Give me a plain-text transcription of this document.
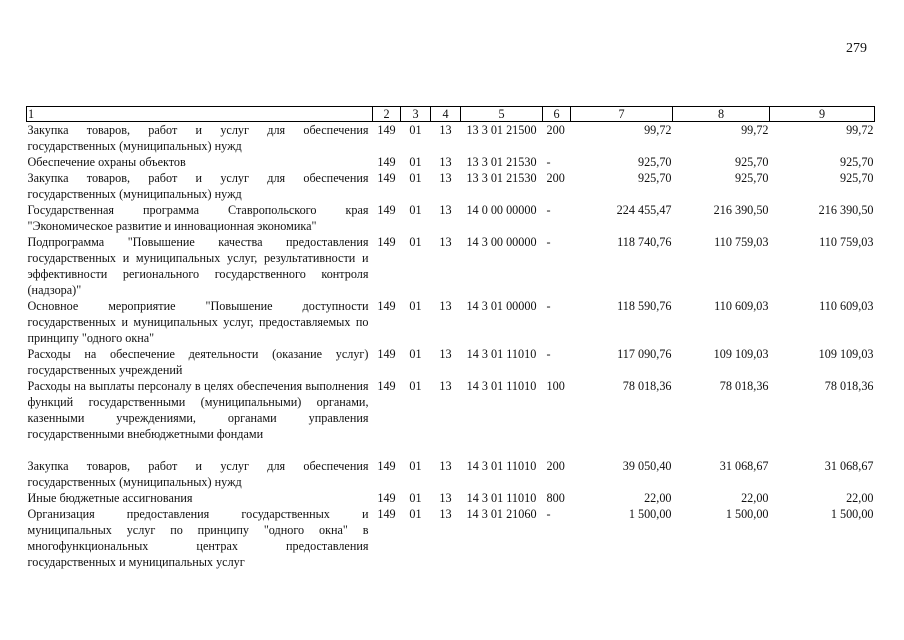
279
1	2	3	4	5	6	7	8	9
Закупка товаров, работ и услуг для обеспечения государственных (муниципальных) нужд	149	01	13	13 3 01 21500	200	99,72	99,72	99,72
Обеспечение охраны объектов	149	01	13	13 3 01 21530	-	925,70	925,70	925,70
Закупка товаров, работ и услуг для обеспечения государственных (муниципальных) нужд	149	01	13	13 3 01 21530	200	925,70	925,70	925,70
Государственная программа Ставропольского края "Экономическое развитие и инновационная экономика"	149	01	13	14 0 00 00000	-	224 455,47	216 390,50	216 390,50
Подпрограмма "Повышение качества предоставления государственных и муниципальных услуг, результативности и эффективности регионального государственного контроля (надзора)"	149	01	13	14 3 00 00000	-	118 740,76	110 759,03	110 759,03
Основное мероприятие "Повышение доступности государственных и муниципальных услуг, предоставляемых по принципу "одного окна"	149	01	13	14 3 01 00000	-	118 590,76	110 609,03	110 609,03
Расходы на обеспечение деятельности (оказание услуг) государственных учреждений	149	01	13	14 3 01 11010	-	117 090,76	109 109,03	109 109,03
Расходы на выплаты персоналу в целях обеспечения выполнения функций государственными (муниципальными) органами, казенными учреждениями, органами управления государственными внебюджетными фондами	149	01	13	14 3 01 11010	100	78 018,36	78 018,36	78 018,36

Закупка товаров, работ и услуг для обеспечения государственных (муниципальных) нужд	149	01	13	14 3 01 11010	200	39 050,40	31 068,67	31 068,67
Иные бюджетные ассигнования	149	01	13	14 3 01 11010	800	22,00	22,00	22,00
Организация предоставления государственных и муниципальных услуг по принципу "одного окна" в многофункциональных центрах предоставления государственных и муниципальных услуг	149	01	13	14 3 01 21060	-	1 500,00	1 500,00	1 500,00
